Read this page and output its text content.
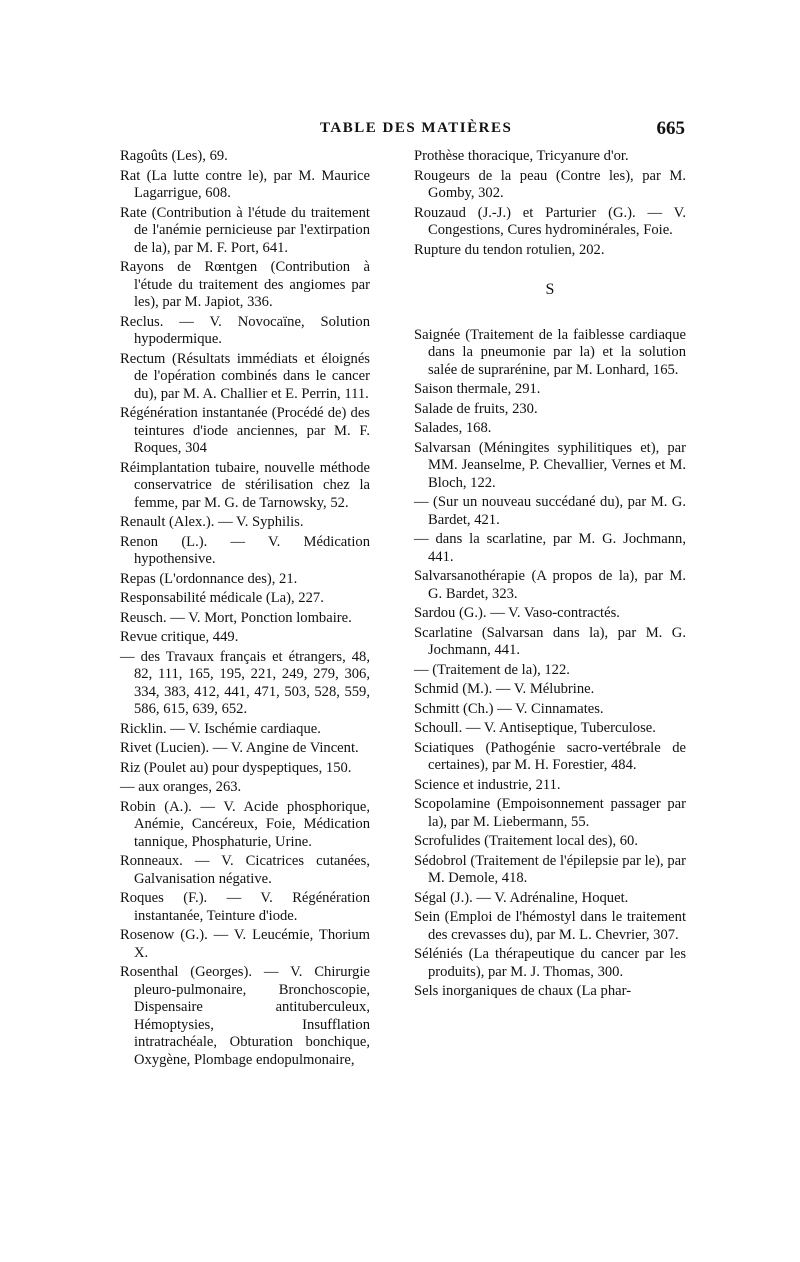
TABLE DES MATIÈRES	665
Ragoûts (Les), 69.
Rat (La lutte contre le), par M. Maurice Lagarrigue, 608.
Rate (Contribution à l'étude du traitement de l'anémie pernicieuse par l'extirpation de la), par M. F. Port, 641.
Rayons de Rœntgen (Contribution à l'étude du traitement des angiomes par les), par M. Japiot, 336.
Reclus. — V. Novocaïne, Solution hypodermique.
Rectum (Résultats immédiats et éloignés de l'opération combinés dans le cancer du), par M. A. Challier et E. Perrin, 111.
Régénération instantanée (Procédé de) des teintures d'iode anciennes, par M. F. Roques, 304
Réimplantation tubaire, nouvelle méthode conservatrice de stérilisation chez la femme, par M. G. de Tarnowsky, 52.
Renault (Alex.). — V. Syphilis.
Renon (L.). — V. Médication hypothensive.
Repas (L'ordonnance des), 21.
Responsabilité médicale (La), 227.
Reusch. — V. Mort, Ponction lombaire.
Revue critique, 449.
— des Travaux français et étrangers, 48, 82, 111, 165, 195, 221, 249, 279, 306, 334, 383, 412, 441, 471, 503, 528, 559, 586, 615, 639, 652.
Ricklin. — V. Ischémie cardiaque.
Rivet (Lucien). — V. Angine de Vincent.
Riz (Poulet au) pour dyspeptiques, 150.
— aux oranges, 263.
Robin (A.). — V. Acide phosphorique, Anémie, Cancéreux, Foie, Médication tannique, Phosphaturie, Urine.
Ronneaux. — V. Cicatrices cutanées, Galvanisation négative.
Roques (F.). — V. Régénération instantanée, Teinture d'iode.
Rosenow (G.). — V. Leucémie, Thorium X.
Rosenthal (Georges). — V. Chirurgie pleuro-pulmonaire, Bronchoscopie, Dispensaire antituberculeux, Hémoptysies, Insufflation intratrachéale, Obturation bonchique, Oxygène, Plombage endopulmonaire,
Prothèse thoracique, Tricyanure d'or.
Rougeurs de la peau (Contre les), par M. Gomby, 302.
Rouzaud (J.-J.) et Parturier (G.). — V. Congestions, Cures hydrominérales, Foie.
Rupture du tendon rotulien, 202.
S
Saignée (Traitement de la faiblesse cardiaque dans la pneumonie par la) et la solution salée de suprarénine, par M. Lonhard, 165.
Saison thermale, 291.
Salade de fruits, 230.
Salades, 168.
Salvarsan (Méningites syphilitiques et), par MM. Jeanselme, P. Chevallier, Vernes et M. Bloch, 122.
— (Sur un nouveau succédané du), par M. G. Bardet, 421.
— dans la scarlatine, par M. G. Jochmann, 441.
Salvarsanothérapie (A propos de la), par M. G. Bardet, 323.
Sardou (G.). — V. Vaso-contractés.
Scarlatine (Salvarsan dans la), par M. G. Jochmann, 441.
— (Traitement de la), 122.
Schmid (M.). — V. Mélubrine.
Schmitt (Ch.) — V. Cinnamates.
Schoull. — V. Antiseptique, Tuberculose.
Sciatiques (Pathogénie sacro-vertébrale de certaines), par M. H. Forestier, 484.
Science et industrie, 211.
Scopolamine (Empoisonnement passager par la), par M. Liebermann, 55.
Scrofulides (Traitement local des), 60.
Sédobrol (Traitement de l'épilepsie par le), par M. Demole, 418.
Ségal (J.). — V. Adrénaline, Hoquet.
Sein (Emploi de l'hémostyl dans le traitement des crevasses du), par M. L. Chevrier, 307.
Séléniés (La thérapeutique du cancer par les produits), par M. J. Thomas, 300.
Sels inorganiques de chaux (La phar-
